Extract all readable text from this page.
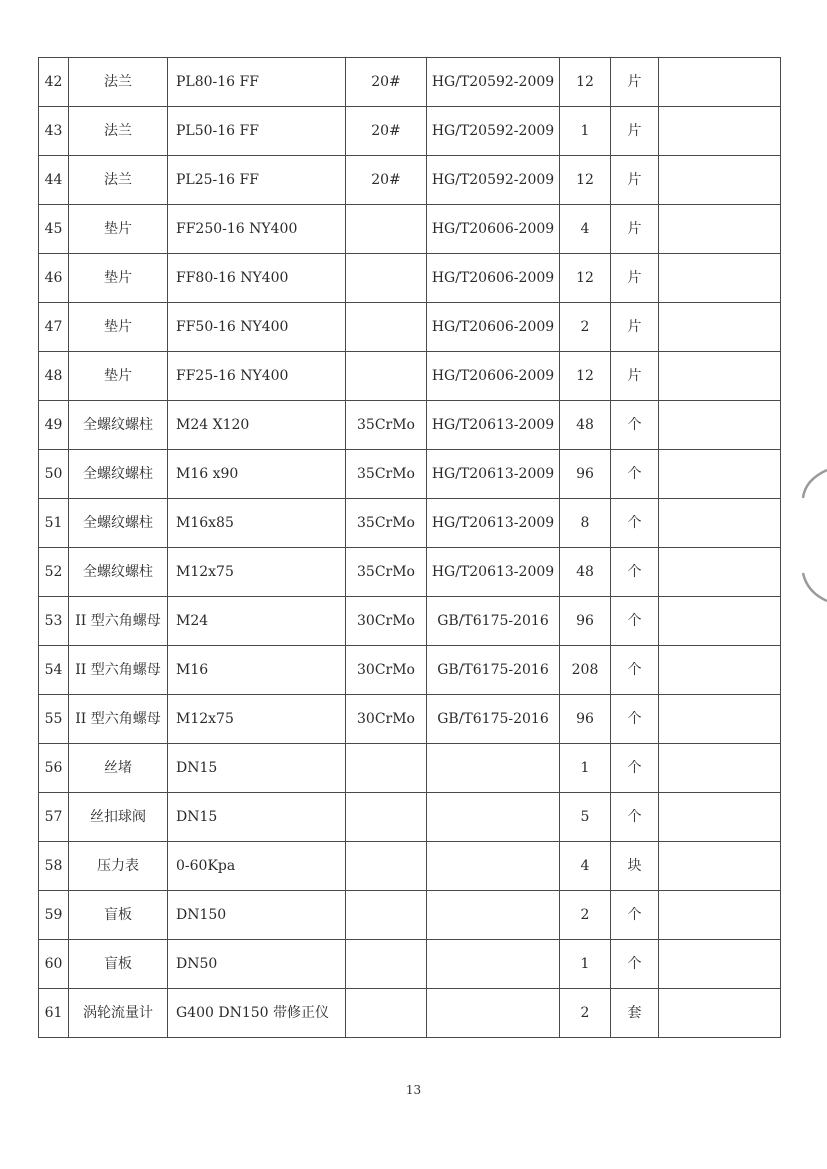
42	法兰	PL80-16 FF	20#	HG/T20592-2009	12	片	
43	法兰	PL50-16 FF	20#	HG/T20592-2009	1	片	
44	法兰	PL25-16 FF	20#	HG/T20592-2009	12	片	
45	垫片	FF250-16 NY400		HG/T20606-2009	4	片	
46	垫片	FF80-16 NY400		HG/T20606-2009	12	片	
47	垫片	FF50-16 NY400		HG/T20606-2009	2	片	
48	垫片	FF25-16 NY400		HG/T20606-2009	12	片	
49	全螺纹螺柱	M24 X120	35CrMo	HG/T20613-2009	48	个	
50	全螺纹螺柱	M16 x90	35CrMo	HG/T20613-2009	96	个	
51	全螺纹螺柱	M16x85	35CrMo	HG/T20613-2009	8	个	
52	全螺纹螺柱	M12x75	35CrMo	HG/T20613-2009	48	个	
53	II 型六角螺母	M24	30CrMo	GB/T6175-2016	96	个	
54	II 型六角螺母	M16	30CrMo	GB/T6175-2016	208	个	
55	II 型六角螺母	M12x75	30CrMo	GB/T6175-2016	96	个	
56	丝堵	DN15			1	个	
57	丝扣球阀	DN15			5	个	
58	压力表	0-60Kpa			4	块	
59	盲板	DN150			2	个	
60	盲板	DN50			1	个	
61	涡轮流量计	G400 DN150 带修正仪			2	套	
13
